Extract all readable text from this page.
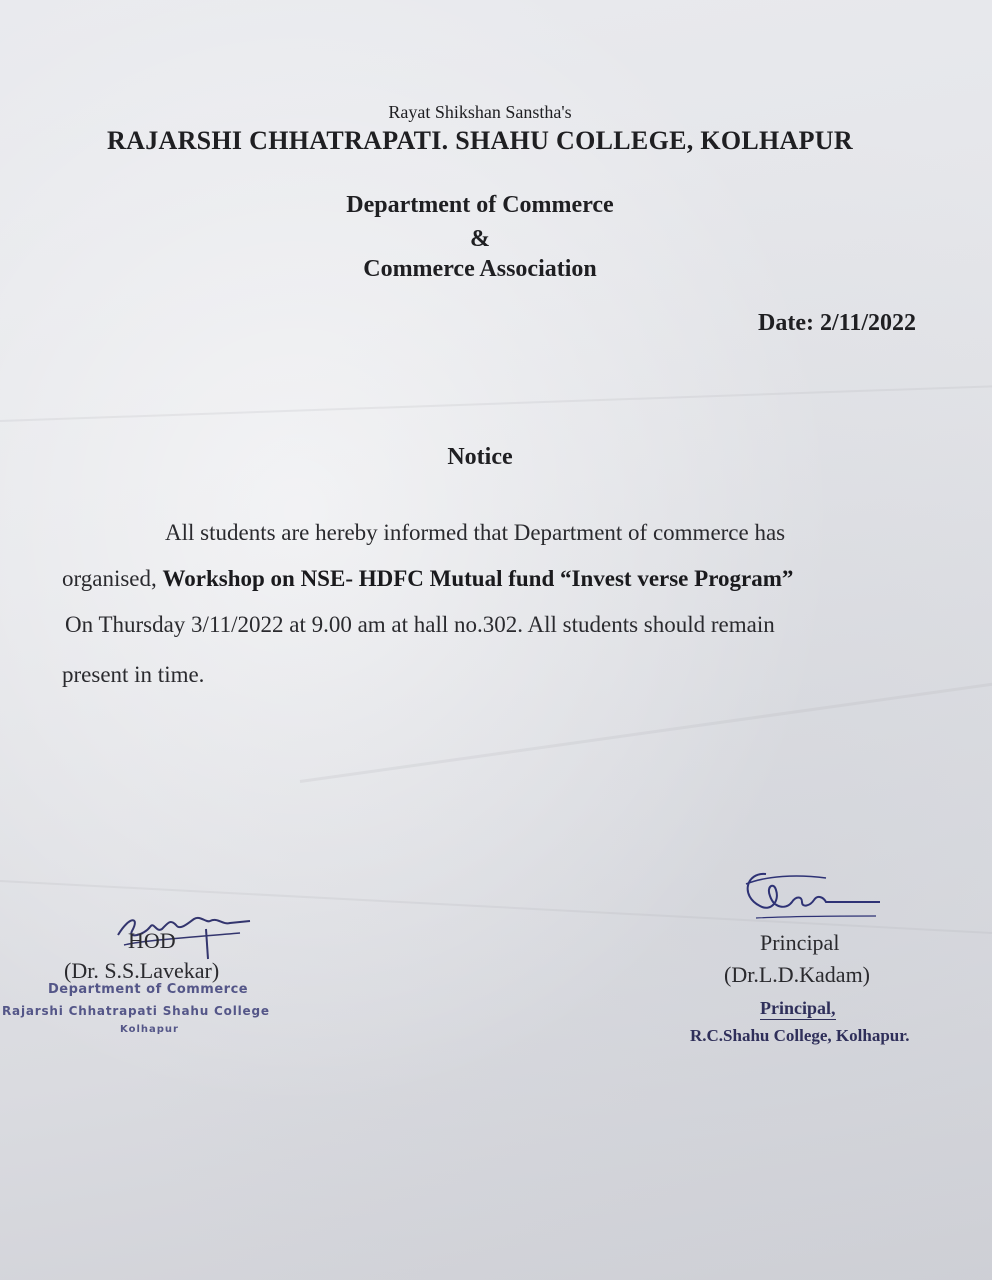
Rayat Shikshan Sanstha's
RAJARSHI CHHATRAPATI. SHAHU COLLEGE, KOLHAPUR
Department of Commerce
&
Commerce Association
Date: 2/11/2022
Notice
All students are hereby informed that Department of commerce has
organised, Workshop on NSE- HDFC Mutual fund “Invest verse Program”
On Thursday 3/11/2022 at 9.00 am at hall no.302. All students should remain
present in time.
HOD
(Dr. S.S.Lavekar)
Department of Commerce
Rajarshi Chhatrapati Shahu College
Kolhapur
Principal
(Dr.L.D.Kadam)
Principal,
R.C.Shahu College, Kolhapur.
